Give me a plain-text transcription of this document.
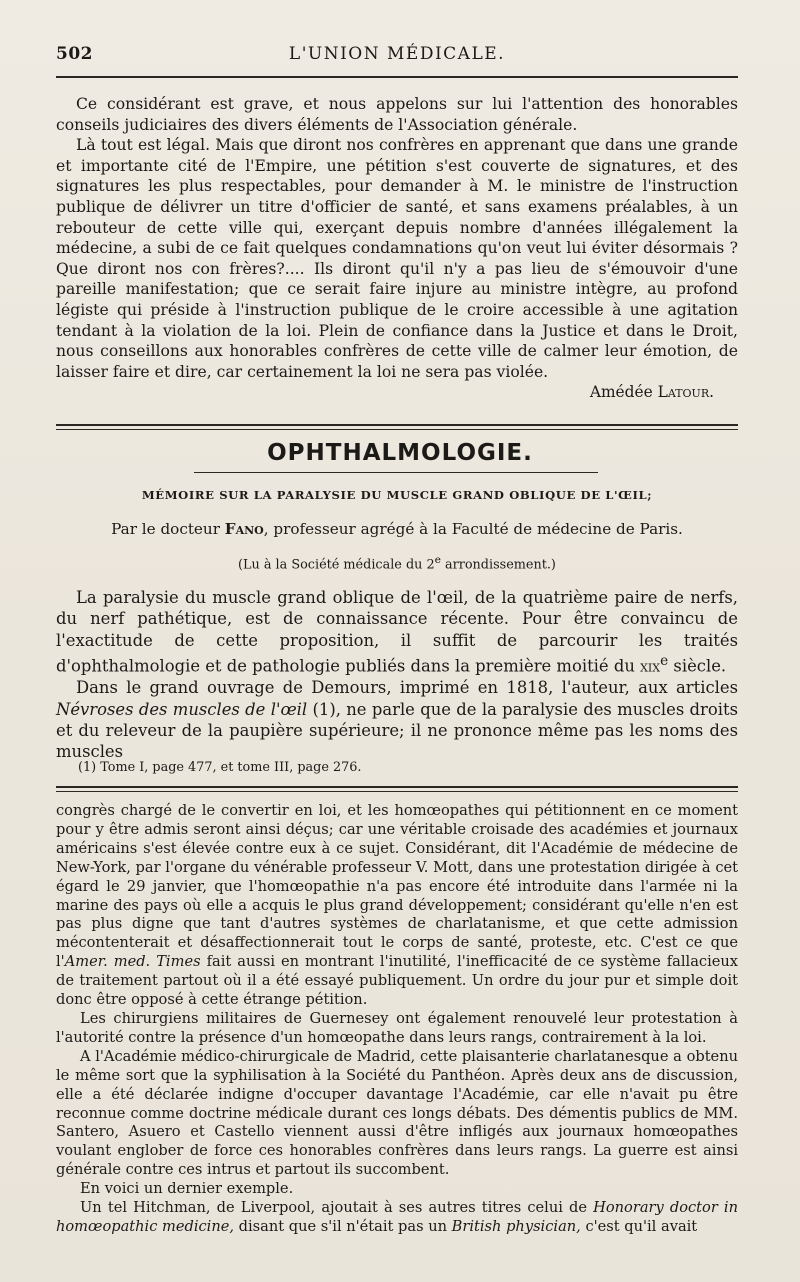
502	L'UNION MÉDICALE.

Ce considérant est grave, et nous appelons sur lui l'attention des honorables conseils judiciaires des divers éléments de l'Association générale.

Là tout est légal. Mais que diront nos confrères en apprenant que dans une grande et importante cité de l'Empire, une pétition s'est couverte de signatures, et des signatures les plus respectables, pour demander à M. le ministre de l'instruction publique de délivrer un titre d'officier de santé, et sans examens préalables, à un rebouteur de cette ville qui, exerçant depuis nombre d'années illégalement la médecine, a subi de ce fait quelques condamnations qu'on veut lui éviter désormais ? Que diront nos con frères?.... Ils diront qu'il n'y a pas lieu de s'émouvoir d'une pareille manifestation; que ce serait faire injure au ministre intègre, au profond légiste qui préside à l'instruction publique de le croire accessible à une agitation tendant à la violation de la loi. Plein de confiance dans la Justice et dans le Droit, nous conseillons aux honorables confrères de cette ville de calmer leur émotion, de laisser faire et dire, car certainement la loi ne sera pas violée.

Amédée Latour.
OPHTHALMOLOGIE.
MÉMOIRE SUR LA PARALYSIE DU MUSCLE GRAND OBLIQUE DE L'ŒIL;
Par le docteur Fano, professeur agrégé à la Faculté de médecine de Paris.
(Lu à la Société médicale du 2e arrondissement.)

La paralysie du muscle grand oblique de l'œil, de la quatrième paire de nerfs, du nerf pathétique, est de connaissance récente. Pour être convaincu de l'exactitude de cette proposition, il suffit de parcourir les traités d'ophthalmologie et de pathologie publiés dans la première moitié du xix$^e$ siècle.

Dans le grand ouvrage de Demours, imprimé en 1818, l'auteur, aux articles Névroses des muscles de l'œil (1), ne parle que de la paralysie des muscles droits et du releveur de la paupière supérieure; il ne prononce même pas les noms des muscles

(1) Tome I, page 477, et tome III, page 276.

congrès chargé de le convertir en loi, et les homœopathes qui pétitionnent en ce moment pour y être admis seront ainsi déçus; car une véritable croisade des académies et journaux américains s'est élevée contre eux à ce sujet. Considérant, dit l'Académie de médecine de New-York, par l'organe du vénérable professeur V. Mott, dans une protestation dirigée à cet égard le 29 janvier, que l'homœopathie n'a pas encore été introduite dans l'armée ni la marine des pays où elle a acquis le plus grand développement; considérant qu'elle n'en est pas plus digne que tant d'autres systèmes de charlatanisme, et que cette admission mécontenterait et désaffectionnerait tout le corps de santé, proteste, etc. C'est ce que l'Amer. med. Times fait aussi en montrant l'inutilité, l'inefficacité de ce système fallacieux de traitement partout où il a été essayé publiquement. Un ordre du jour pur et simple doit donc être opposé à cette étrange pétition.

Les chirurgiens militaires de Guernesey ont également renouvelé leur protestation à l'autorité contre la présence d'un homœopathe dans leurs rangs, contrairement à la loi.

A l'Académie médico-chirurgicale de Madrid, cette plaisanterie charlatanesque a obtenu le même sort que la syphilisation à la Société du Panthéon. Après deux ans de discussion, elle a été déclarée indigne d'occuper davantage l'Académie, car elle n'avait pu être reconnue comme doctrine médicale durant ces longs débats. Des démentis publics de MM. Santero, Asuero et Castello viennent aussi d'être infligés aux journaux homœopathes voulant englober de force ces honorables confrères dans leurs rangs. La guerre est ainsi générale contre ces intrus et partout ils succombent.

En voici un dernier exemple.

Un tel Hitchman, de Liverpool, ajoutait à ses autres titres celui de Honorary doctor in homœopathic medicine, disant que s'il n'était pas un British physician, c'est qu'il avait
